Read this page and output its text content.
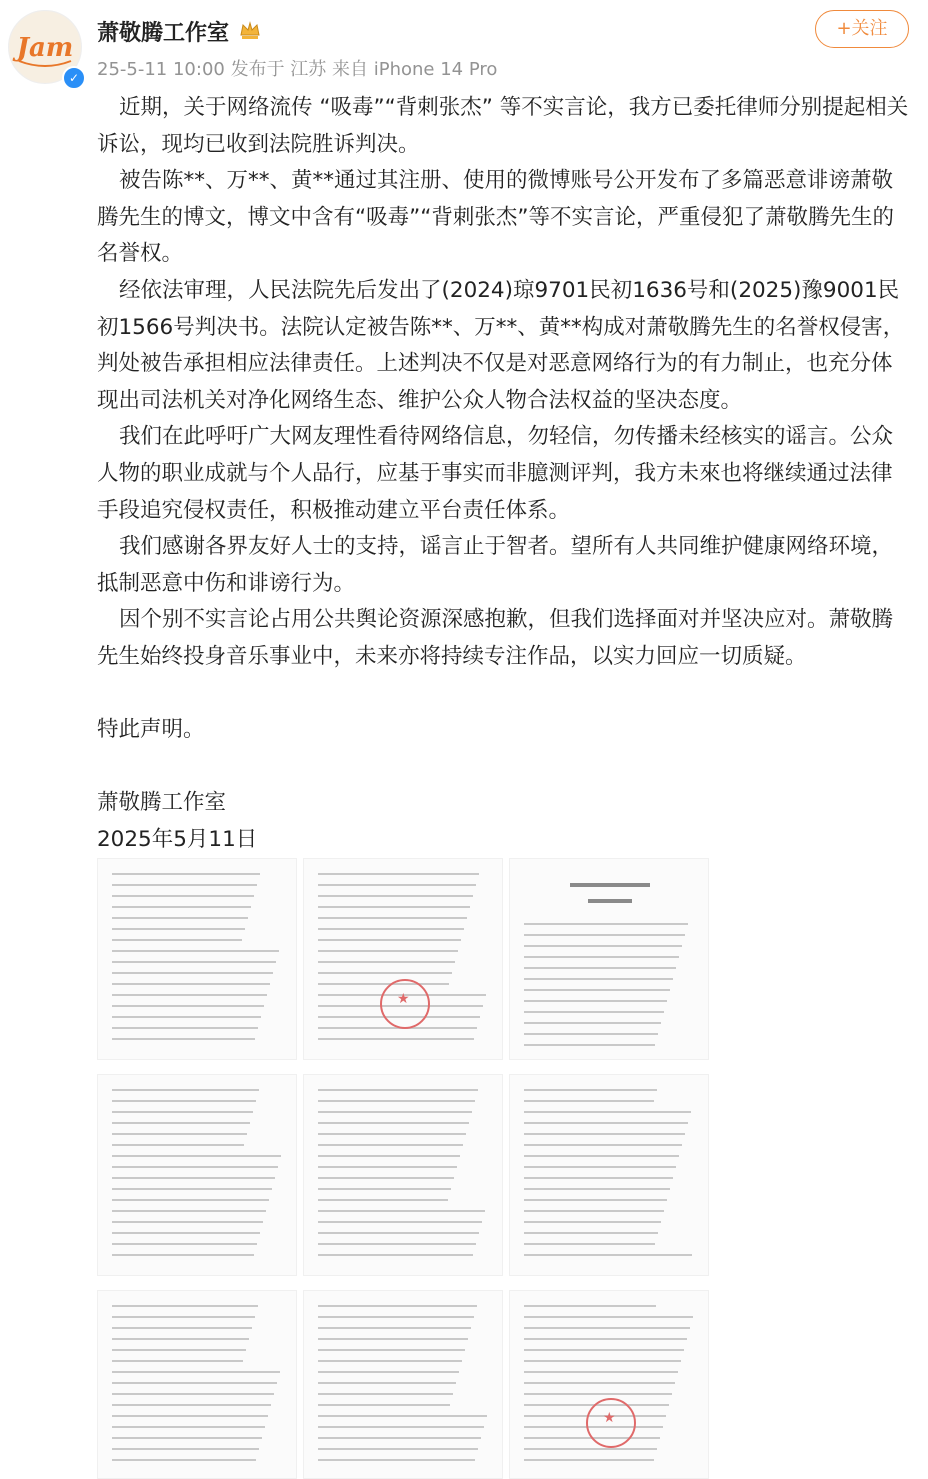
Jam
✓
萧敬腾工作室
25-5-11 10:00 发布于 江苏 来自 iPhone 14 Pro
+关注

近期，关于网络流传 “吸毒”“背刺张杰” 等不实言论，我方已委托律师分别提起相关诉讼，现均已收到法院胜诉判决。

被告陈**、万**、黄**通过其注册、使用的微博账号公开发布了多篇恶意诽谤萧敬腾先生的博文，博文中含有“吸毒”“背刺张杰”等不实言论，严重侵犯了萧敬腾先生的名誉权。

经依法审理，人民法院先后发出了(2024)琼9701民初1636号和(2025)豫9001民初1566号判决书。法院认定被告陈**、万**、黄**构成对萧敬腾先生的名誉权侵害，判处被告承担相应法律责任。上述判决不仅是对恶意网络行为的有力制止，也充分体现出司法机关对净化网络生态、维护公众人物合法权益的坚决态度。

我们在此呼吁广大网友理性看待网络信息，勿轻信，勿传播未经核实的谣言。公众人物的职业成就与个人品行，应基于事实而非臆测评判，我方未來也将继续通过法律手段追究侵权责任，积极推动建立平台责任体系。

我们感谢各界友好人士的支持，谣言止于智者。望所有人共同维护健康网络环境，抵制恶意中伤和诽谤行为。

因个别不实言论占用公共舆论资源深感抱歉，但我们选择面对并坚决应对。萧敬腾先生始终投身音乐事业中，未来亦将持续专注作品，以实力回应一切质疑。

特此声明。

萧敬腾工作室

2025年5月11日

★
★
